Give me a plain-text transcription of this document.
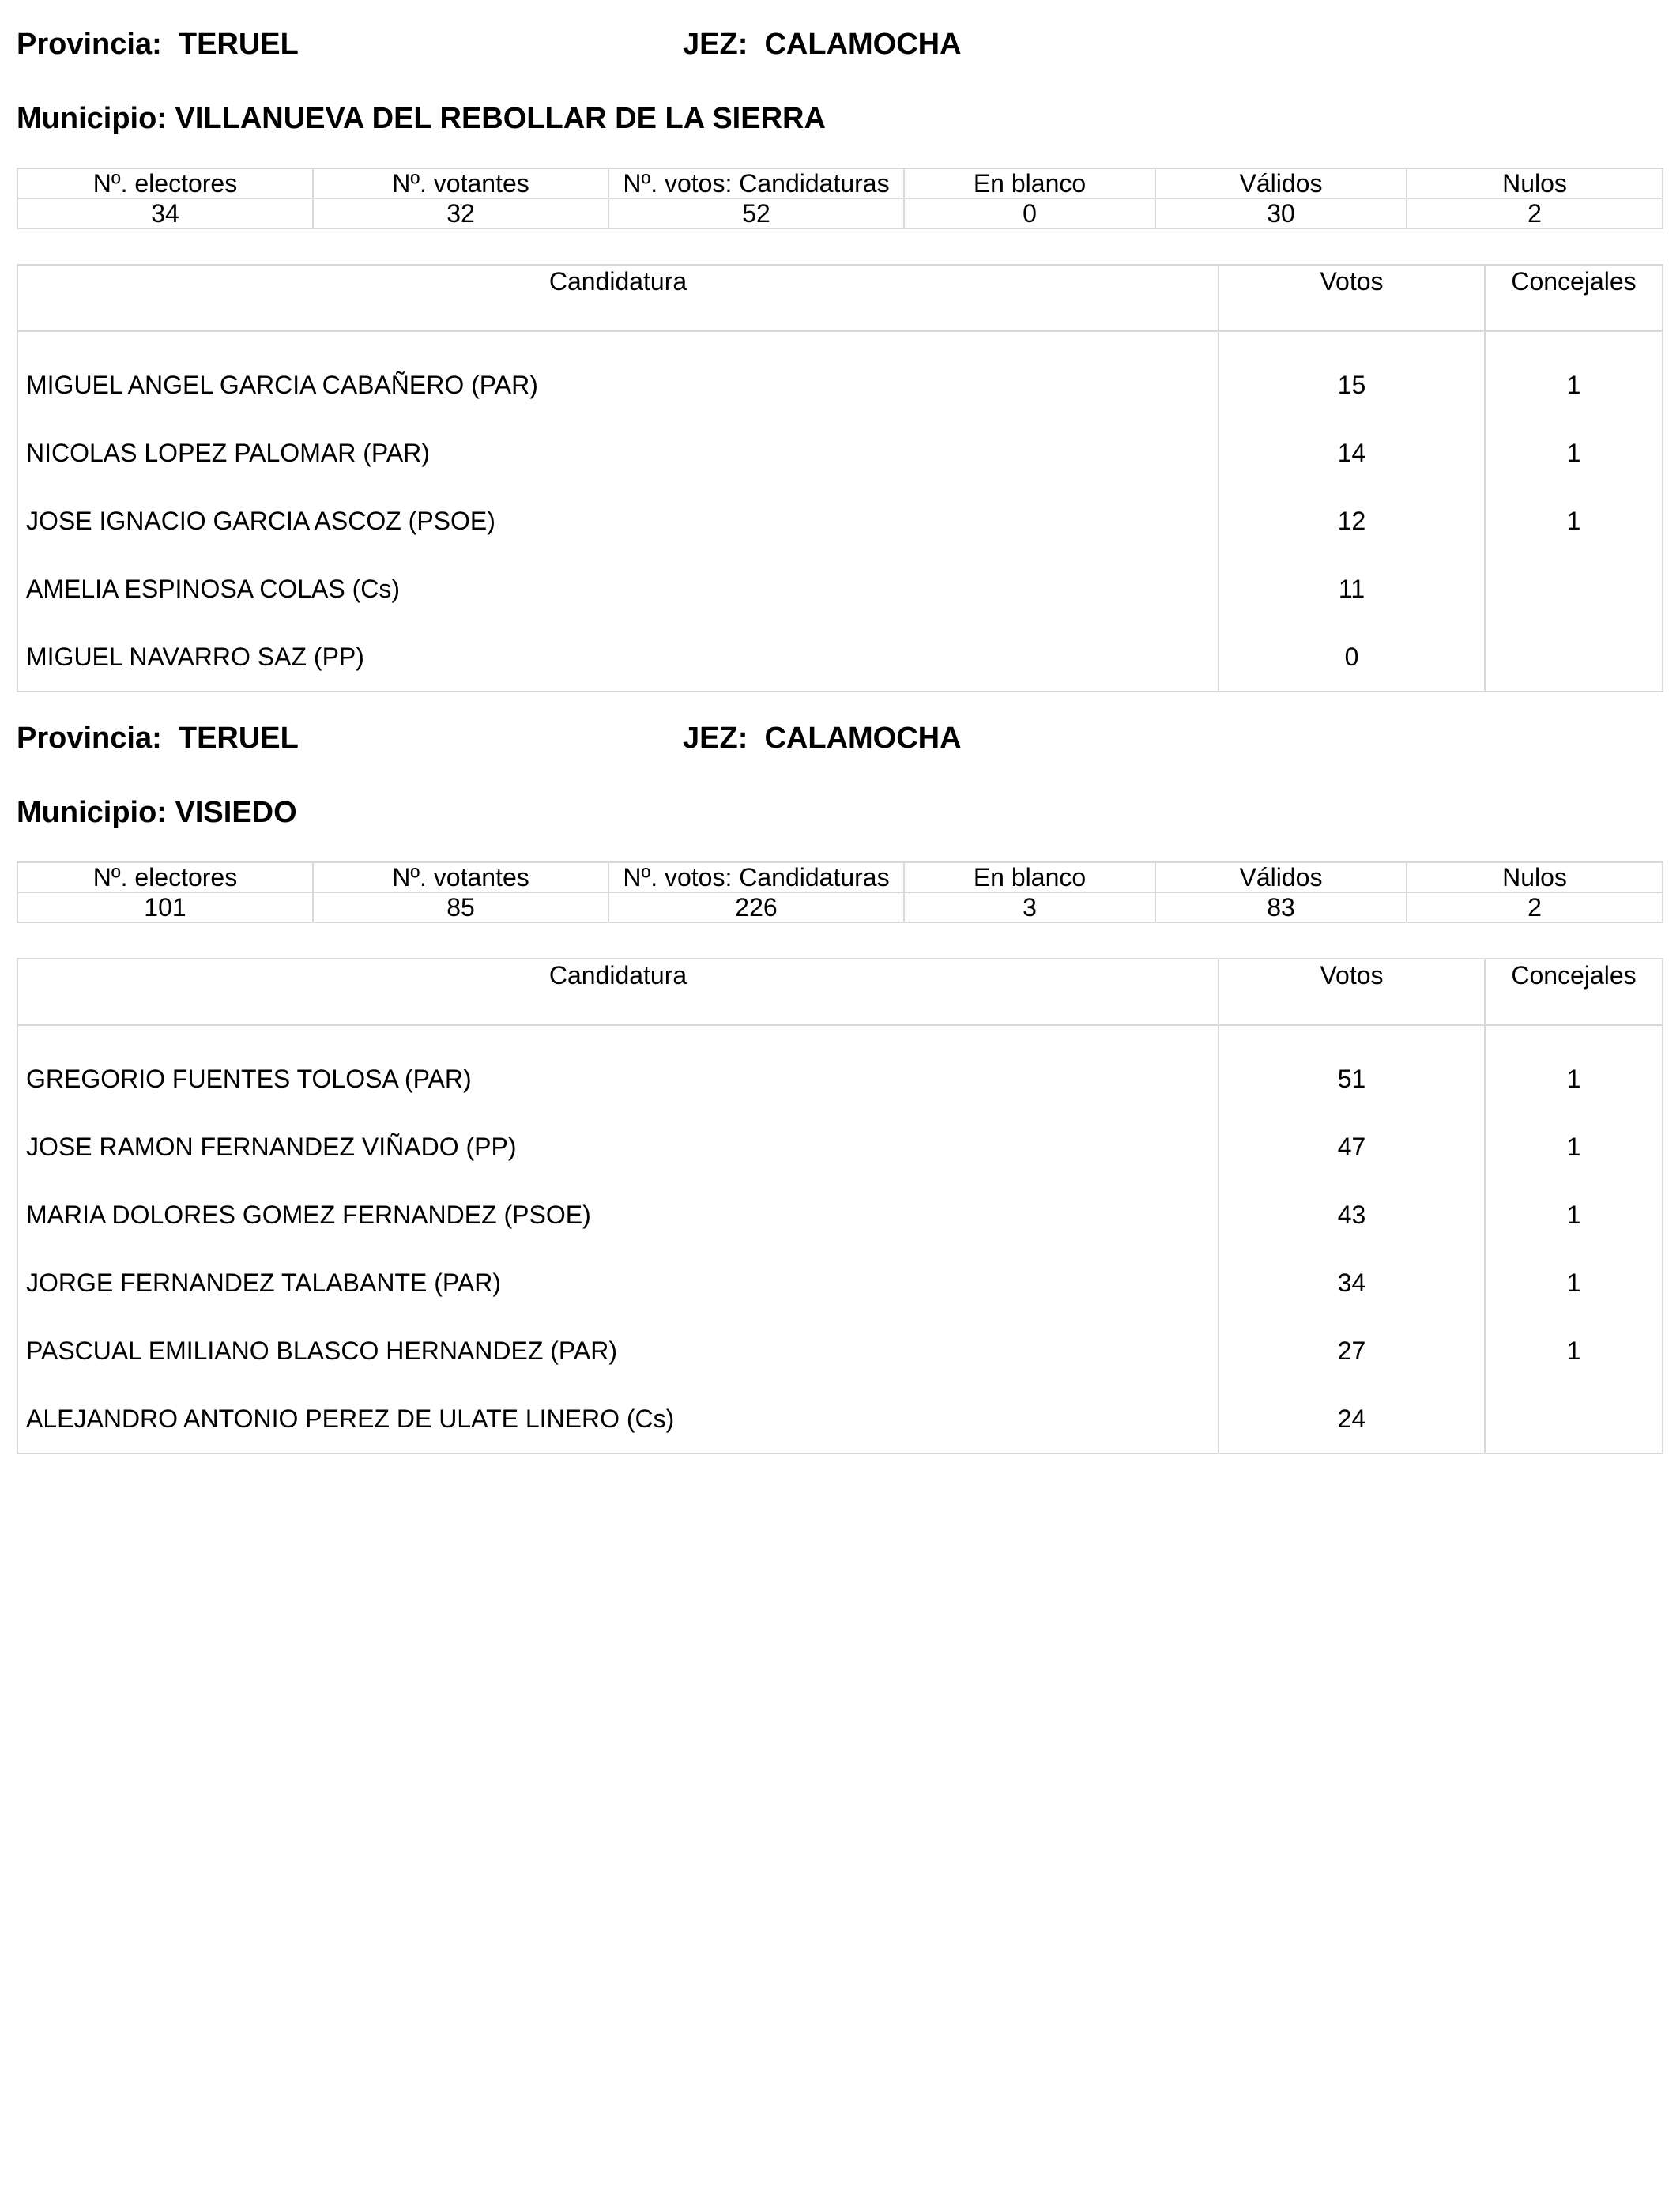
Provincia: TERUEL	JEZ: CALAMOCHA
Municipio: VILLANUEVA DEL REBOLLAR DE LA SIERRA
Nº. electores	Nº. votantes	Nº. votos: Candidaturas	En blanco	Válidos	Nulos
34	32	52	0	30	2
Candidatura	Votos	Concejales
MIGUEL ANGEL GARCIA CABAÑERO (PAR)	15	1
NICOLAS LOPEZ PALOMAR (PAR)	14	1
JOSE IGNACIO GARCIA ASCOZ (PSOE)	12	1
AMELIA ESPINOSA COLAS (Cs)	11	
MIGUEL NAVARRO SAZ (PP)	0	
Provincia: TERUEL	JEZ: CALAMOCHA
Municipio: VISIEDO
Nº. electores	Nº. votantes	Nº. votos: Candidaturas	En blanco	Válidos	Nulos
101	85	226	3	83	2
Candidatura	Votos	Concejales
GREGORIO FUENTES TOLOSA (PAR)	51	1
JOSE RAMON FERNANDEZ VIÑADO (PP)	47	1
MARIA DOLORES GOMEZ FERNANDEZ (PSOE)	43	1
JORGE FERNANDEZ TALABANTE (PAR)	34	1
PASCUAL EMILIANO BLASCO HERNANDEZ (PAR)	27	1
ALEJANDRO ANTONIO PEREZ DE ULATE LINERO (Cs)	24	
